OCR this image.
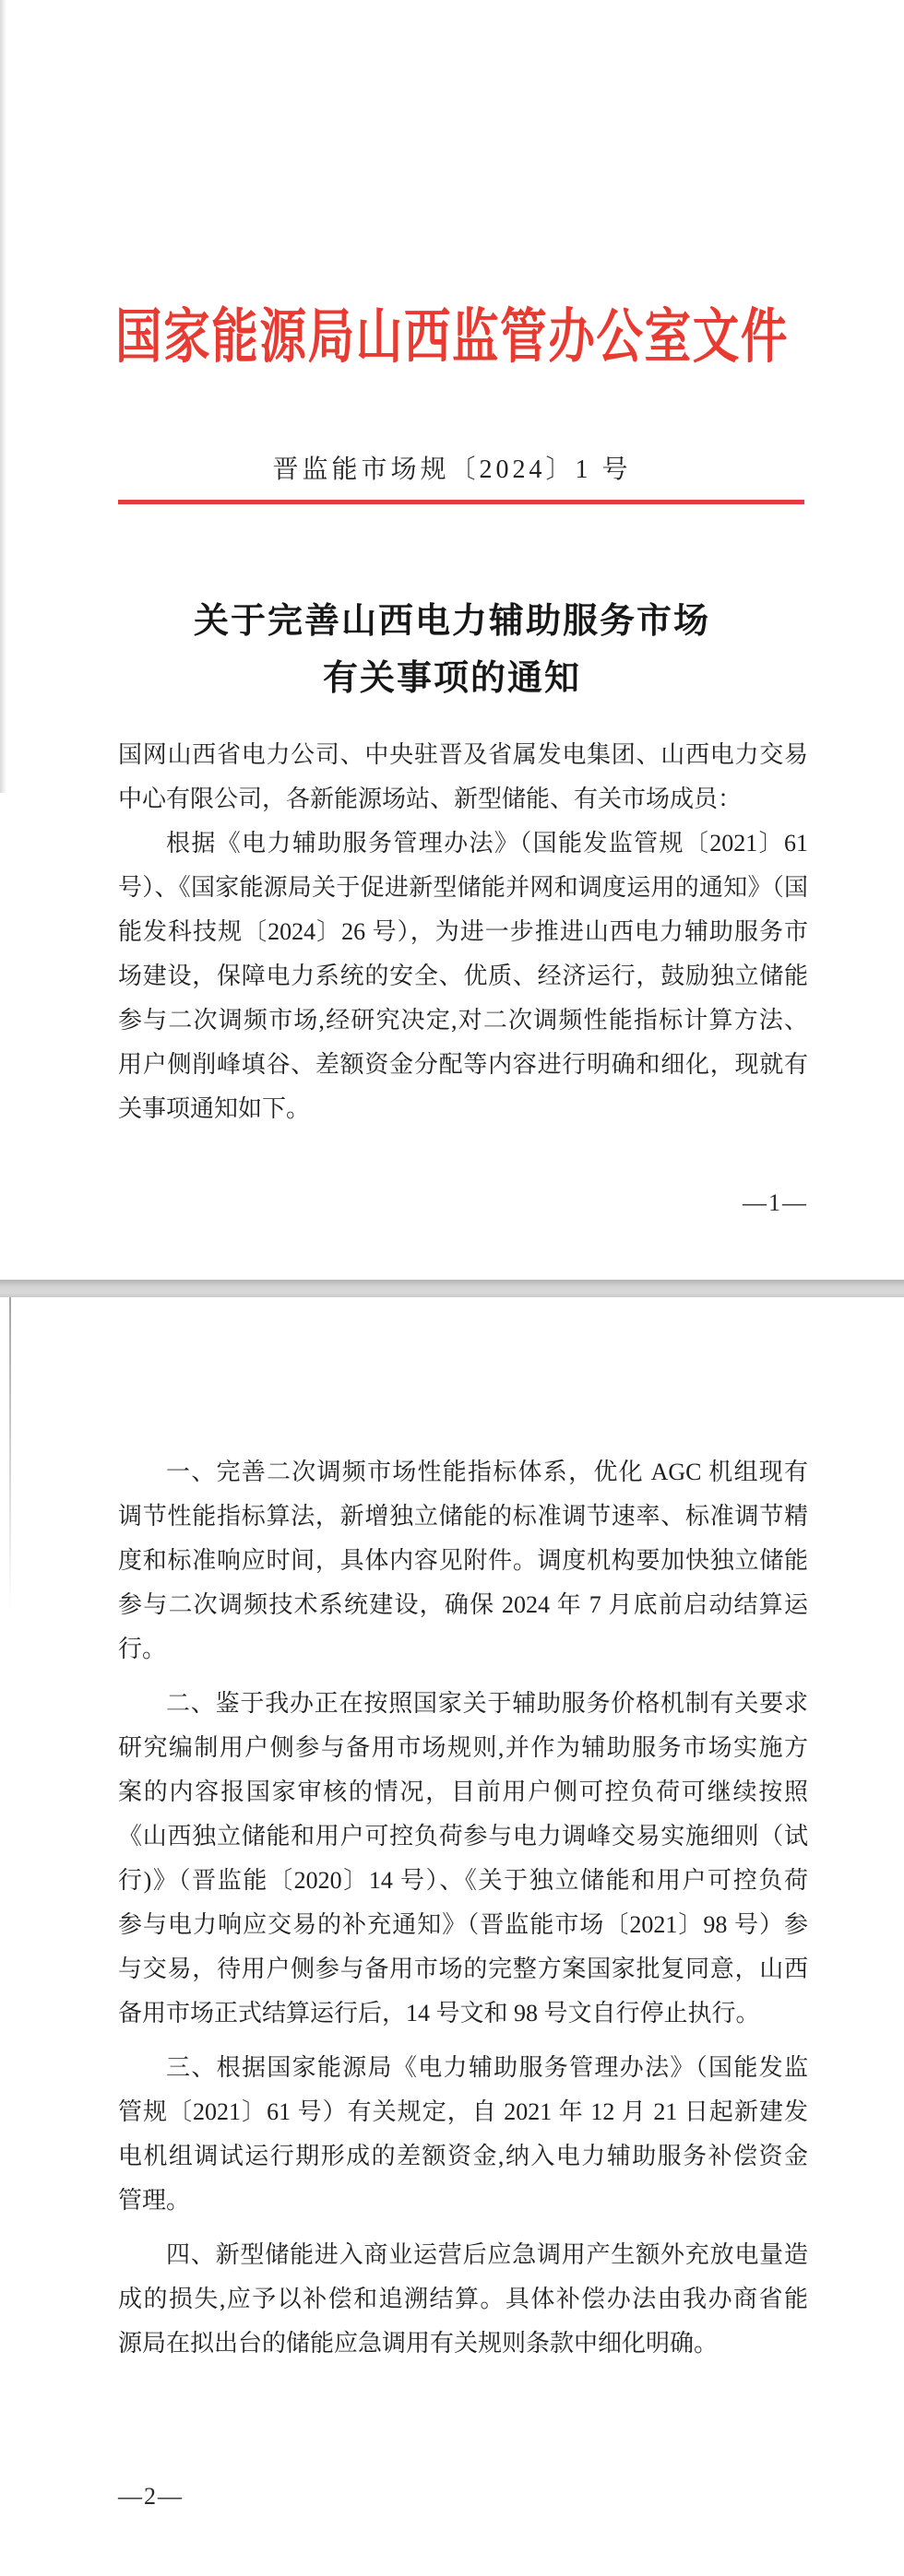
国家能源局山西监管办公室文件
晋监能市场规〔2024〕1 号
关于完善山西电力辅助服务市场
有关事项的通知
国网山西省电力公司、中央驻晋及省属发电集团、山西电力交易
中心有限公司，各新能源场站、新型储能、有关市场成员：
根据《电力辅助服务管理办法》（国能发监管规〔2021〕61
号）、《国家能源局关于促进新型储能并网和调度运用的通知》（国
能发科技规〔2024〕26 号），为进一步推进山西电力辅助服务市
场建设，保障电力系统的安全、优质、经济运行，鼓励独立储能
参与二次调频市场,经研究决定,对二次调频性能指标计算方法、
用户侧削峰填谷、差额资金分配等内容进行明确和细化，现就有
关事项通知如下。
—1—
一、完善二次调频市场性能指标体系，优化 AGC 机组现有
调节性能指标算法，新增独立储能的标准调节速率、标准调节精
度和标准响应时间，具体内容见附件。调度机构要加快独立储能
参与二次调频技术系统建设，确保 2024 年 7 月底前启动结算运
行。
二、鉴于我办正在按照国家关于辅助服务价格机制有关要求
研究编制用户侧参与备用市场规则,并作为辅助服务市场实施方
案的内容报国家审核的情况，目前用户侧可控负荷可继续按照
《山西独立储能和用户可控负荷参与电力调峰交易实施细则（试
行)》（晋监能〔2020〕14 号）、《关于独立储能和用户可控负荷
参与电力响应交易的补充通知》（晋监能市场〔2021〕98 号）参
与交易，待用户侧参与备用市场的完整方案国家批复同意，山西
备用市场正式结算运行后，14 号文和 98 号文自行停止执行。
三、根据国家能源局《电力辅助服务管理办法》（国能发监
管规〔2021〕61 号）有关规定，自 2021 年 12 月 21 日起新建发
电机组调试运行期形成的差额资金,纳入电力辅助服务补偿资金
管理。
四、新型储能进入商业运营后应急调用产生额外充放电量造
成的损失,应予以补偿和追溯结算。具体补偿办法由我办商省能
源局在拟出台的储能应急调用有关规则条款中细化明确。
—2—
